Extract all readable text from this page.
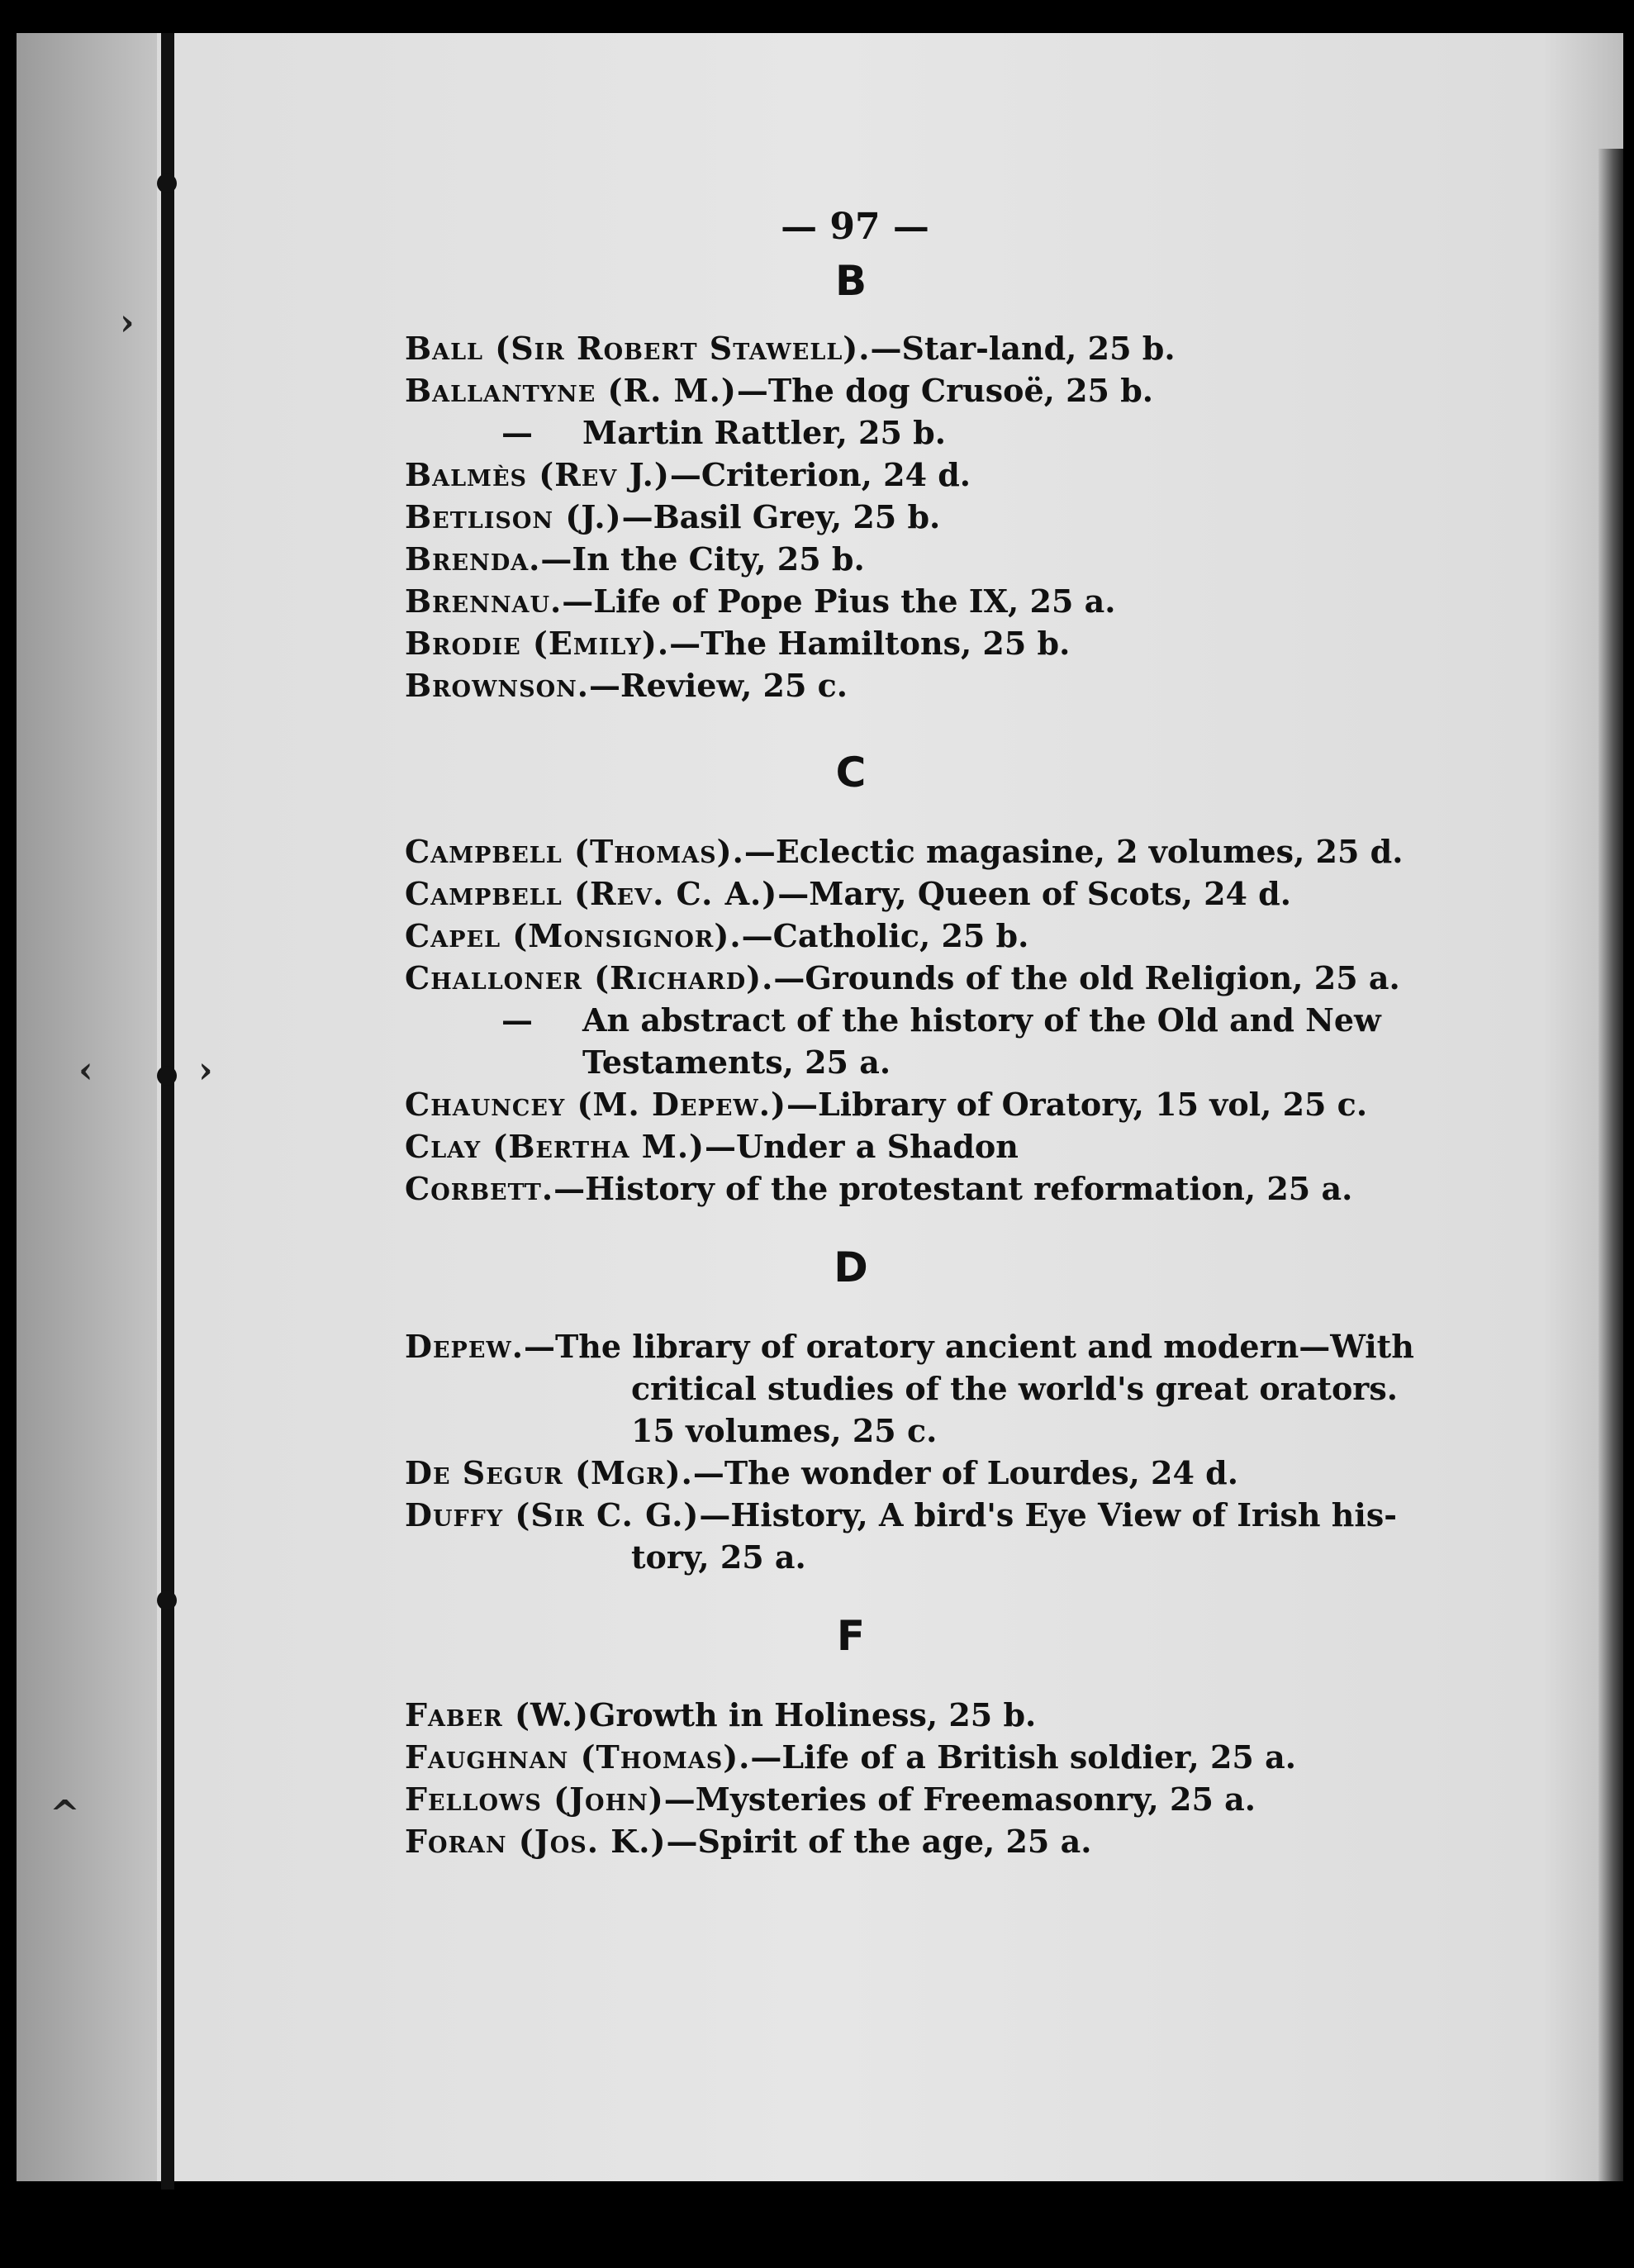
›
‹	›
^
— 97 —
B
Ball (Sir Robert Stawell).—Star-land, 25 b.
Ballantyne (R. M.)—The dog Crusoë, 25 b.
— Martin Rattler, 25 b.
Balmès (Rev J.)—Criterion, 24 d.
Betlison (J.)—Basil Grey, 25 b.
Brenda.—In the City, 25 b.
Brennau.—Life of Pope Pius the IX, 25 a.
Brodie (Emily).—The Hamiltons, 25 b.
Brownson.—Review, 25 c.
C
Campbell (Thomas).—Eclectic magasine, 2 volumes, 25 d.
Campbell (Rev. C. A.)—Mary, Queen of Scots, 24 d.
Capel (Monsignor).—Catholic, 25 b.
Challoner (Richard).—Grounds of the old Religion, 25 a.
— An abstract of the history of the Old and New
Testaments, 25 a.
Chauncey (M. Depew.)—Library of Oratory, 15 vol, 25 c.
Clay (Bertha M.)—Under a Shadon
Corbett.—History of the protestant reformation, 25 a.
D
Depew.—The library of oratory ancient and modern—With
critical studies of the world's great orators.
15 volumes, 25 c.
De Segur (Mgr).—The wonder of Lourdes, 24 d.
Duffy (Sir C. G.)—History, A bird's Eye View of Irish his-
tory, 25 a.
F
Faber (W.)Growth in Holiness, 25 b.
Faughnan (Thomas).—Life of a British soldier, 25 a.
Fellows (John)—Mysteries of Freemasonry, 25 a.
Foran (Jos. K.)—Spirit of the age, 25 a.
